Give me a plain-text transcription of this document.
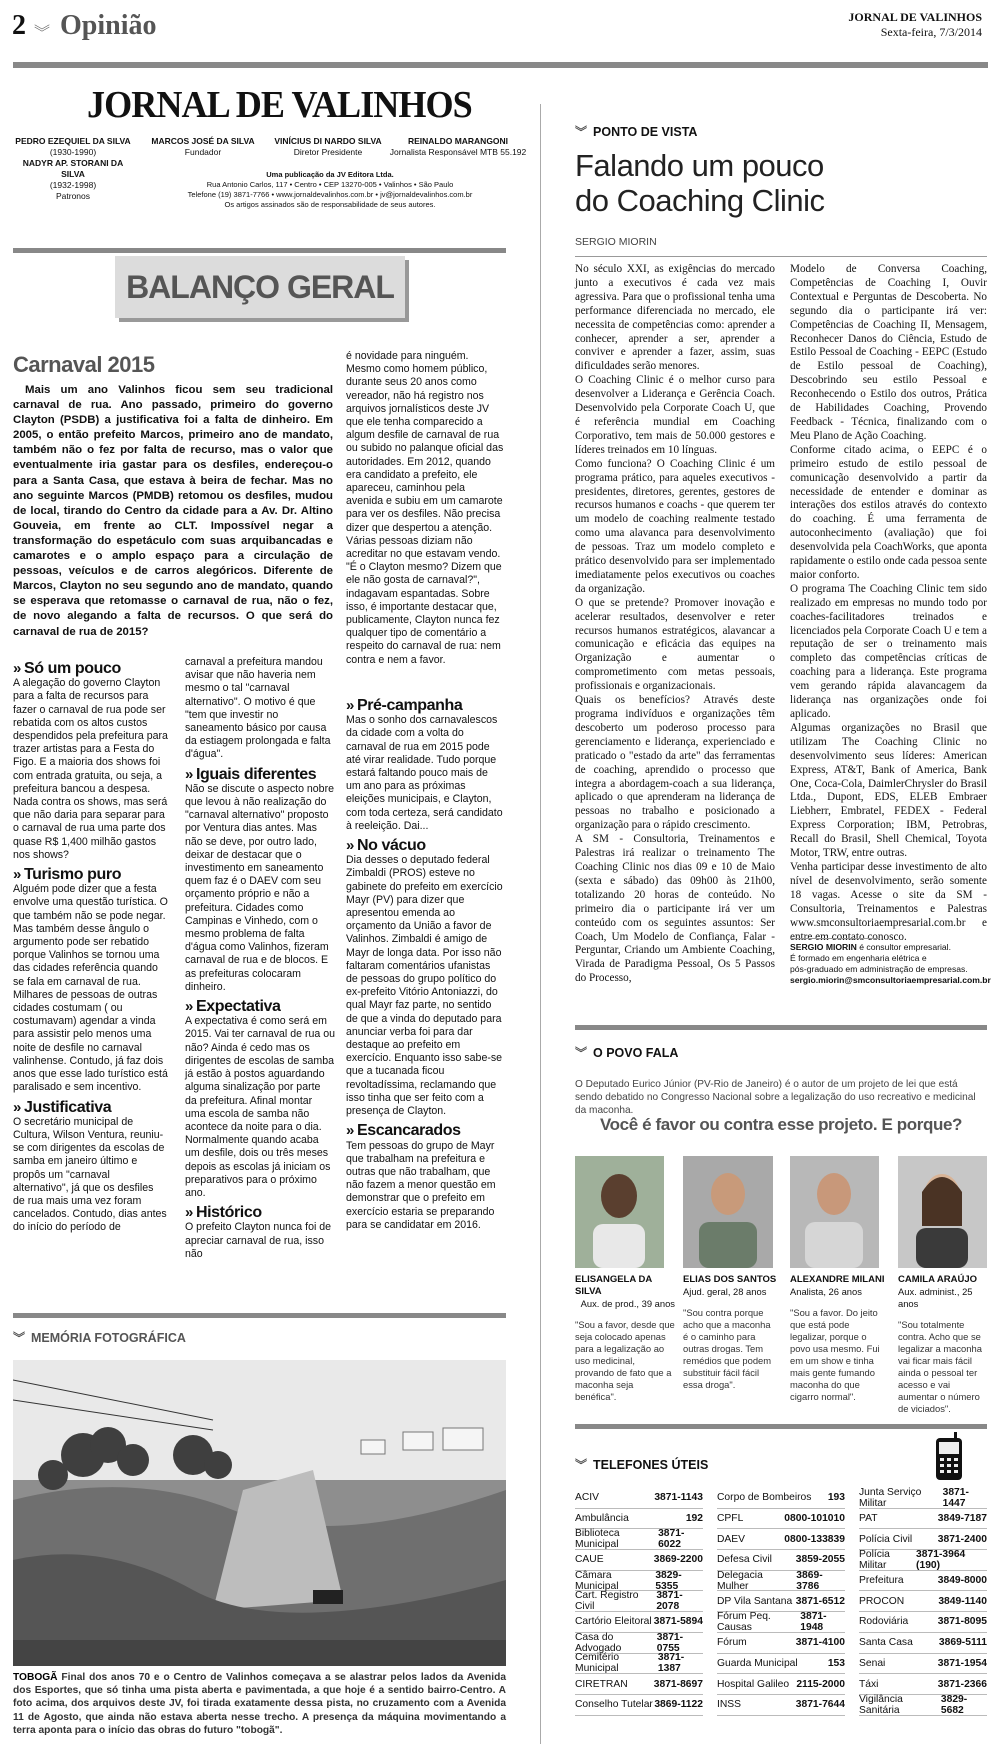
2 ︾ Opinião	JORNAL DE VALINHOS
Sexta-feira, 7/3/2014
JORNAL DE VALINHOS
PEDRO EZEQUIEL DA SILVA
(1930-1990)
NADYR AP. STORANI DA SILVA
(1932-1998)
Patronos
MARCOS JOSÉ DA SILVA
Fundador
VINÍCIUS DI NARDO SILVA
Diretor Presidente
REINALDO MARANGONI
Jornalista Responsável MTB 55.192
Uma publicação da JV Editora Ltda.
Rua Antonio Carlos, 117 • Centro • CEP 13270-005 • Valinhos • São Paulo
Telefone (19) 3871-7766 • www.jornaldevalinhos.com.br • jv@jornaldevalinhos.com.br
Os artigos assinados são de responsabilidade de seus autores.
BALANÇO GERAL
Carnaval 2015
Mais um ano Valinhos ficou sem seu tradicional carnaval de rua. Ano passado, primeiro do governo Clayton (PSDB) a justificativa foi a falta de dinheiro. Em 2005, o então prefeito Marcos, primeiro ano de mandato, também não o fez por falta de recurso, mas o valor que eventualmente iria gastar para os desfiles, endereçou-o para a Santa Casa, que estava à beira de fechar. Mas no ano seguinte Marcos (PMDB) retomou os desfiles, mudou de local, tirando do Centro da cidade para a Av. Dr. Altino Gouveia, em frente ao CLT. Impossível negar a transformação do espetáculo com suas arquibancadas e camarotes e o amplo espaço para a circulação de pessoas, veículos e de carros alegóricos. Diferente de Marcos, Clayton no seu segundo ano de mandato, quando se esperava que retomasse o carnaval de rua, não o fez, de novo alegando a falta de recursos. O que será do carnaval de rua de 2015?
é novidade para ninguém. Mesmo como homem público, durante seus 20 anos como vereador, não há registro nos arquivos jornalísticos deste JV que ele tenha comparecido a algum desfile de carnaval de rua ou subido no palanque oficial das autoridades. Em 2012, quando era candidato a prefeito, ele apareceu, caminhou pela avenida e subiu em um camarote para ver os desfiles. Não precisa dizer que despertou a atenção. Várias pessoas diziam não acreditar no que estavam vendo. "É o Clayton mesmo? Dizem que ele não gosta de carnaval?", indagavam espantadas. Sobre isso, é importante destacar que, publicamente, Clayton nunca fez qualquer tipo de comentário a respeito do carnaval de rua: nem contra e nem a favor.
» Só um pouco
A alegação do governo Clayton para a falta de recursos para fazer o carnaval de rua pode ser rebatida com os altos custos despendidos pela prefeitura para trazer artistas para a Festa do Figo. E a maioria dos shows foi com entrada gratuita, ou seja, a prefeitura bancou a despesa. Nada contra os shows, mas será que não daria para separar para o carnaval de rua uma parte dos quase R$ 1,400 milhão gastos nos shows?
» Turismo puro
Alguém pode dizer que a festa envolve uma questão turística. O que também não se pode negar. Mas também desse ângulo o argumento pode ser rebatido porque Valinhos se tornou uma das cidades referência quando se fala em carnaval de rua. Milhares de pessoas de outras cidades costumam ( ou costumavam) agendar a vinda para assistir pelo menos uma noite de desfile no carnaval valinhense. Contudo, já faz dois anos que esse lado turístico está paralisado e sem incentivo.
» Justificativa
O secretário municipal de Cultura, Wilson Ventura, reuniu-se com dirigentes da escolas de samba em janeiro último e propôs um "carnaval alternativo", já que os desfiles de rua mais uma vez foram cancelados. Contudo, dias antes do início do período de
carnaval a prefeitura mandou avisar que não haveria nem mesmo o tal "carnaval alternativo". O motivo é que "tem que investir no saneamento básico por causa da estiagem prolongada e falta d'água".
» Iguais diferentes
Não se discute o aspecto nobre que levou à não realização do "carnaval alternativo" proposto por Ventura dias antes. Mas não se deve, por outro lado, deixar de destacar que o investimento em saneamento quem faz é o DAEV com seu orçamento próprio e não a prefeitura. Cidades como Campinas e Vinhedo, com o mesmo problema de falta d'água como Valinhos, fizeram carnaval de rua e de blocos. E as prefeituras colocaram dinheiro.
» Expectativa
A expectativa é como será em 2015. Vai ter carnaval de rua ou não? Ainda é cedo mas os dirigentes de escolas de samba já estão à postos aguardando alguma sinalização por parte da prefeitura. Afinal montar uma escola de samba não acontece da noite para o dia. Normalmente quando acaba um desfile, dois ou três meses depois as escolas já iniciam os preparativos para o próximo ano.
» Histórico
O prefeito Clayton nunca foi de apreciar carnaval de rua, isso não
» Pré-campanha
Mas o sonho dos carnavalescos da cidade com a volta do carnaval de rua em 2015 pode até virar realidade. Tudo porque estará faltando pouco mais de um ano para as próximas eleições municipais, e Clayton, com toda certeza, será candidato à reeleição. Dai...
» No vácuo
Dia desses o deputado federal Zimbaldi (PROS) esteve no gabinete do prefeito em exercício Mayr (PV) para dizer que apresentou emenda ao orçamento da União a favor de Valinhos. Zimbaldi é amigo de Mayr de longa data. Por isso não faltaram comentários ufanistas de pessoas do grupo político do ex-prefeito Vitório Antoniazzi, do qual Mayr faz parte, no sentido de que a vinda do deputado para anunciar verba foi para dar destaque ao prefeito em exercício. Enquanto isso sabe-se que a tucanada ficou revoltadíssima, reclamando que isso tinha que ser feito com a presença de Clayton.
» Escancarados
Tem pessoas do grupo de Mayr que trabalham na prefeitura e outras que não trabalham, que não fazem a menor questão em demonstrar que o prefeito em exercício estaria se preparando para se candidatar em 2016.
︾ MEMÓRIA FOTOGRÁFICA
TOBOGÃ Final dos anos 70 e o Centro de Valinhos começava a se alastrar pelos lados da Avenida dos Esportes, que só tinha uma pista aberta e pavimentada, a que hoje é a sentido bairro-Centro. A foto acima, dos arquivos deste JV, foi tirada exatamente dessa pista, no cruzamento com a Avenida 11 de Agosto, que ainda não estava aberta nesse trecho. A presença da máquina movimentando a terra aponta para o início das obras do futuro "tobogã".
︾ PONTO DE VISTA
Falando um pouco
do Coaching Clinic
SERGIO MIORIN
No século XXI, as exigências do mercado junto a executivos é cada vez mais agressiva. Para que o profissional tenha uma performance diferenciada no mercado, ele necessita de competências como: aprender a conhecer, aprender a ser, aprender a conviver e aprender a fazer, assim, suas dificuldades serão menores.
O Coaching Clinic é o melhor curso para desenvolver a Liderança e Gerência Coach. Desenvolvido pela Corporate Coach U, que é referência mundial em Coaching Corporativo, tem mais de 50.000 gestores e líderes treinados em 10 línguas.
Como funciona? O Coaching Clinic é um programa prático, para aqueles executivos - presidentes, diretores, gerentes, gestores de recursos humanos e coachs - que querem ter um modelo de coaching realmente testado como uma alavanca para desenvolvimento de pessoas. Traz um modelo completo e prático desenvolvido para ser implementado imediatamente pelos executivos ou coaches da organização.
O que se pretende? Promover inovação e acelerar resultados, desenvolver e reter recursos humanos estratégicos, alavancar a comunicação e eficácia das equipes na Organização e aumentar o comprometimento com metas pessoais, profissionais e organizacionais.
Quais os benefícios? Através deste programa indivíduos e organizações têm descoberto um poderoso processo para gerenciamento e liderança, experienciado e praticado o "estado da arte" das ferramentas de coaching, aprendido o processo que integra a abordagem-coach a sua liderança, aplicado o que aprenderam na liderança de pessoas no trabalho e posicionado a organização para o rápido crescimento.
A SM - Consultoria, Treinamentos e Palestras irá realizar o treinamento The Coaching Clinic nos dias 09 e 10 de Maio (sexta e sábado) das 09h00 às 21h00, totalizando 20 horas de conteúdo. No primeiro dia o participante irá ver um conteúdo com os seguintes assuntos: Ser Coach, Um Modelo de Confiança, Falar - Perguntar, Criando um Ambiente Coaching, Virada de Paradigma Pessoal, Os 5 Passos do Processo,
Modelo de Conversa Coaching, Competências de Coaching I, Ouvir Contextual e Perguntas de Descoberta. No segundo dia o participante irá ver: Competências de Coaching II, Mensagem, Reconhecer Danos do Ciência, Estudo de Estilo Pessoal de Coaching - EEPC (Estudo de Estilo pessoal de Coaching), Descobrindo seu estilo Pessoal e Reconhecendo o Estilo dos outros, Prática de Habilidades Coaching, Provendo Feedback - Técnica, finalizando com o Meu Plano de Ação Coaching.
Conforme citado acima, o EEPC é o primeiro estudo de estilo pessoal de comunicação desenvolvido a partir da necessidade de entender e dominar as interações dos estilos através do contexto do coaching. É uma ferramenta de autoconhecimento (avaliação) que foi desenvolvida pela CoachWorks, que aponta rapidamente o estilo onde cada pessoa sente maior conforto.
O programa The Coaching Clinic tem sido realizado em empresas no mundo todo por coaches-facilitadores treinados e licenciados pela Corporate Coach U e tem a reputação de ser o treinamento mais completo das competências críticas de coaching para a liderança. Este programa vem gerando rápida alavancagem da liderança nas organizações onde foi aplicado.
Algumas organizações no Brasil que utilizam The Coaching Clinic no desenvolvimento seus líderes: American Express, AT&T, Bank of America, Bank One, Coca-Cola, DaimlerChrysler do Brasil Ltda., Dupont, EDS, ELEB Embraer Liebherr, Embratel, FEDEX - Federal Express Corporation; IBM, Petrobras, Recall do Brasil, Shell Chemical, Toyota Motor, TRW, entre outras.
Venha participar desse investimento de alto nível de desenvolvimento, serão somente 18 vagas. Acesse o site da SM - Consultoria, Treinamentos e Palestras www.smconsultoriaempresarial.com.br e entre em contato conosco.
SERGIO MIORIN é consultor empresarial.
É formado em engenharia elétrica e
pós-graduado em administração de empresas.
sergio.miorin@smconsultoriaempresarial.com.br
︾ O POVO FALA
O Deputado Eurico Júnior (PV-Rio de Janeiro) é o autor de um projeto de lei que está sendo debatido no Congresso Nacional sobre a legalização do uso recreativo e medicinal da maconha.
Você é favor ou contra esse projeto. E porque?
ELISANGELA DA SILVA
Aux. de prod., 39 anos
"Sou a favor, desde que seja colocado apenas para a legalização ao uso medicinal, provando de fato que a maconha seja benéfica".
ELIAS DOS SANTOS
Ajud. geral, 28 anos
"Sou contra porque acho que a maconha é o caminho para outras drogas. Tem remédios que podem substituir fácil fácil essa droga".
ALEXANDRE MILANI
Analista, 26 anos
"Sou a favor. Do jeito que está pode legalizar, porque o povo usa mesmo. Fui em um show e tinha mais gente fumando maconha do que cigarro normal".
CAMILA ARAÚJO
Aux. administ., 25 anos
"Sou totalmente contra. Acho que se legalizar a maconha vai ficar mais fácil ainda o pessoal ter acesso e vai aumentar o número de viciados".
︾ TELEFONES ÚTEIS
ACIV	3871-1143
Ambulância	192
Biblioteca Municipal
3871-6022
CAUE	3869-2200
Câmara Municipal
3829-5355
Cart. Registro Civil
3871-2078
Cartório Eleitoral 3871-5894
Casa do Advogado
3871-0755
Cemitério Municipal
3871-1387
CIRETRAN	3871-8697
Conselho Tutelar 3869-1122
Corpo de Bombeiros 193
CPFL	0800-101010
DAEV	0800-133839
Defesa Civil 3859-2055
Delegacia Mulher
3869-3786
DP Vila Santana 3871-6512
Fórum Peq. Causas
3871-1948
Fórum	3871-4100
Guarda Municipal	153
Hospital Galileo 2115-2000
INSS	3871-7644
Junta Serviço Militar
3871-1447
PAT	3849-7187
Polícia Civil 3871-2400
Polícia Militar
3871-3964 (190)
Prefeitura	3849-8000
PROCON	3849-1140
Rodoviária	3871-8095
Santa Casa	3869-5111
Senai	3871-1954
Táxi	3871-2366
Vigilância Sanitária
3829-5682
